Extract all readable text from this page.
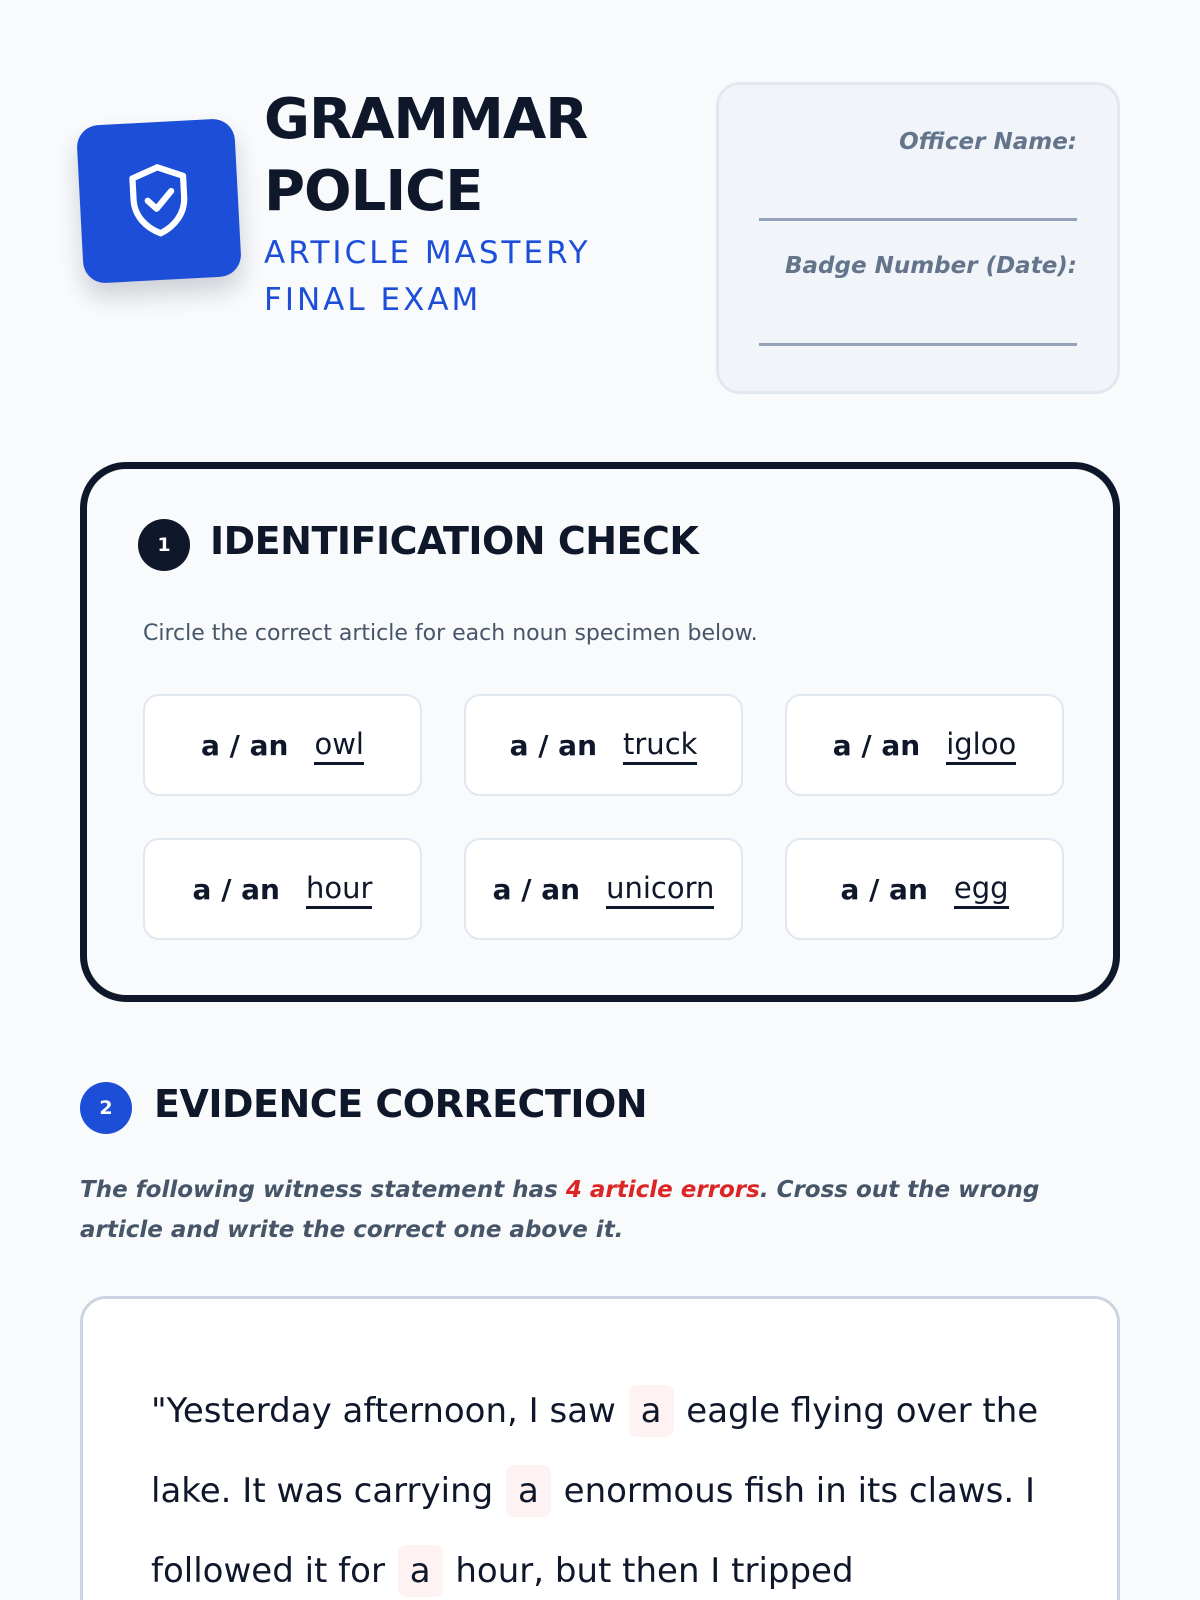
GRAMMAR
POLICE
ARTICLE MASTERY
FINAL EXAM
Officer Name:
Badge Number (Date):
1	IDENTIFICATION CHECK
Circle the correct article for each noun specimen below.
a / an owl	a / an truck	a / an igloo
a / an hour	a / an unicorn	a / an egg
2	EVIDENCE CORRECTION
The following witness statement has 4 article errors. Cross out the wrong article and write the correct one above it.
"Yesterday afternoon, I saw a eagle flying over the lake. It was carrying a enormous fish in its claws. I followed it for a hour, but then I tripped
